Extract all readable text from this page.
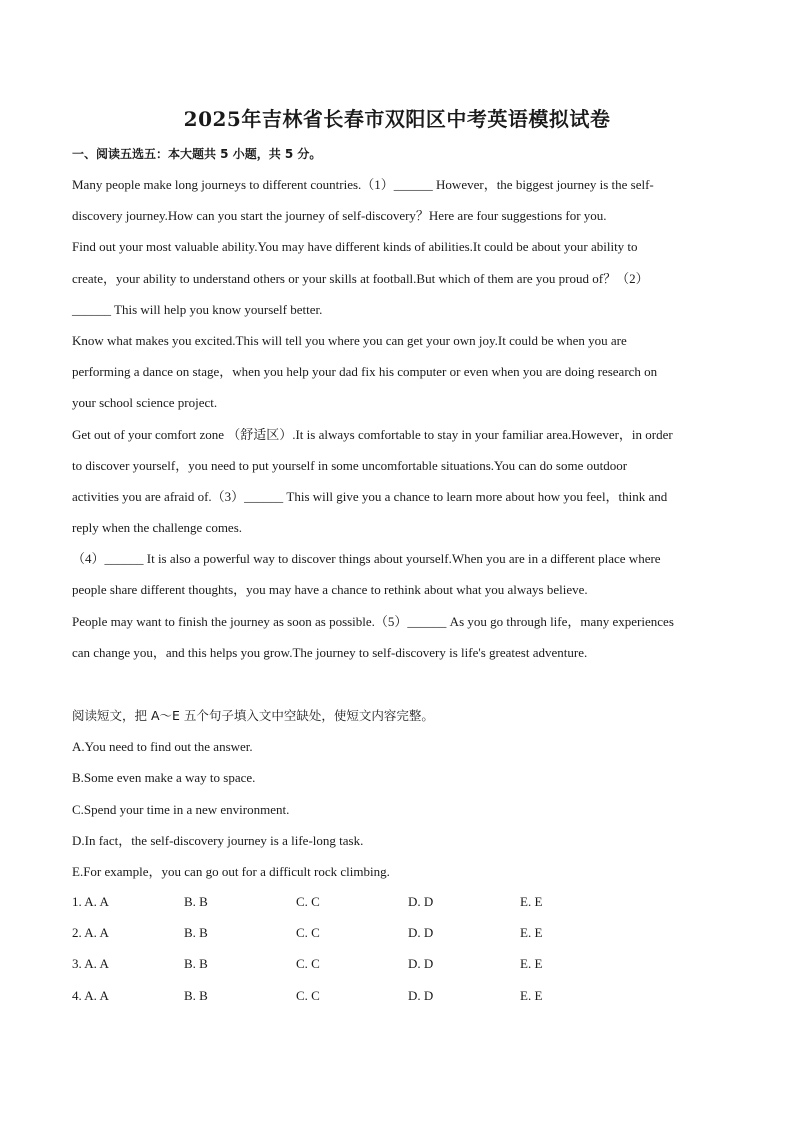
2025年吉林省长春市双阳区中考英语模拟试卷
一、阅读五选五：本大题共 5 小题，共 5 分。
Many people make long journeys to different countries.（1）______ However，the biggest journey is the self-
discovery journey.How can you start the journey of self-discovery？Here are four suggestions for you.
Find out your most valuable ability.You may have different kinds of abilities.It could be about your ability to
create，your ability to understand others or your skills at football.But which of them are you proud of？（2）
______ This will help you know yourself better.
Know what makes you excited.This will tell you where you can get your own joy.It could be when you are
performing a dance on stage，when you help your dad fix his computer or even when you are doing research on
your school science project.
Get out of your comfort zone （舒适区）.It is always comfortable to stay in your familiar area.However，in order
to discover yourself，you need to put yourself in some uncomfortable situations.You can do some outdoor
activities you are afraid of.（3）______ This will give you a chance to learn more about how you feel，think and
reply when the challenge comes.
（4）______ It is also a powerful way to discover things about yourself.When you are in a different place where
people share different thoughts，you may have a chance to rethink about what you always believe.
People may want to finish the journey as soon as possible.（5）______ As you go through life，many experiences
can change you，and this helps you grow.The journey to self-discovery is life's greatest adventure.
阅读短文，把 A～E 五个句子填入文中空缺处，使短文内容完整。
A.You need to find out the answer.
B.Some even make a way to space.
C.Spend your time in a new environment.
D.In fact，the self-discovery journey is a life-long task.
E.For example，you can go out for a difficult rock climbing.
1. A. A	B. B	C. C	D. D	E. E
2. A. A	B. B	C. C	D. D	E. E
3. A. A	B. B	C. C	D. D	E. E
4. A. A	B. B	C. C	D. D	E. E
